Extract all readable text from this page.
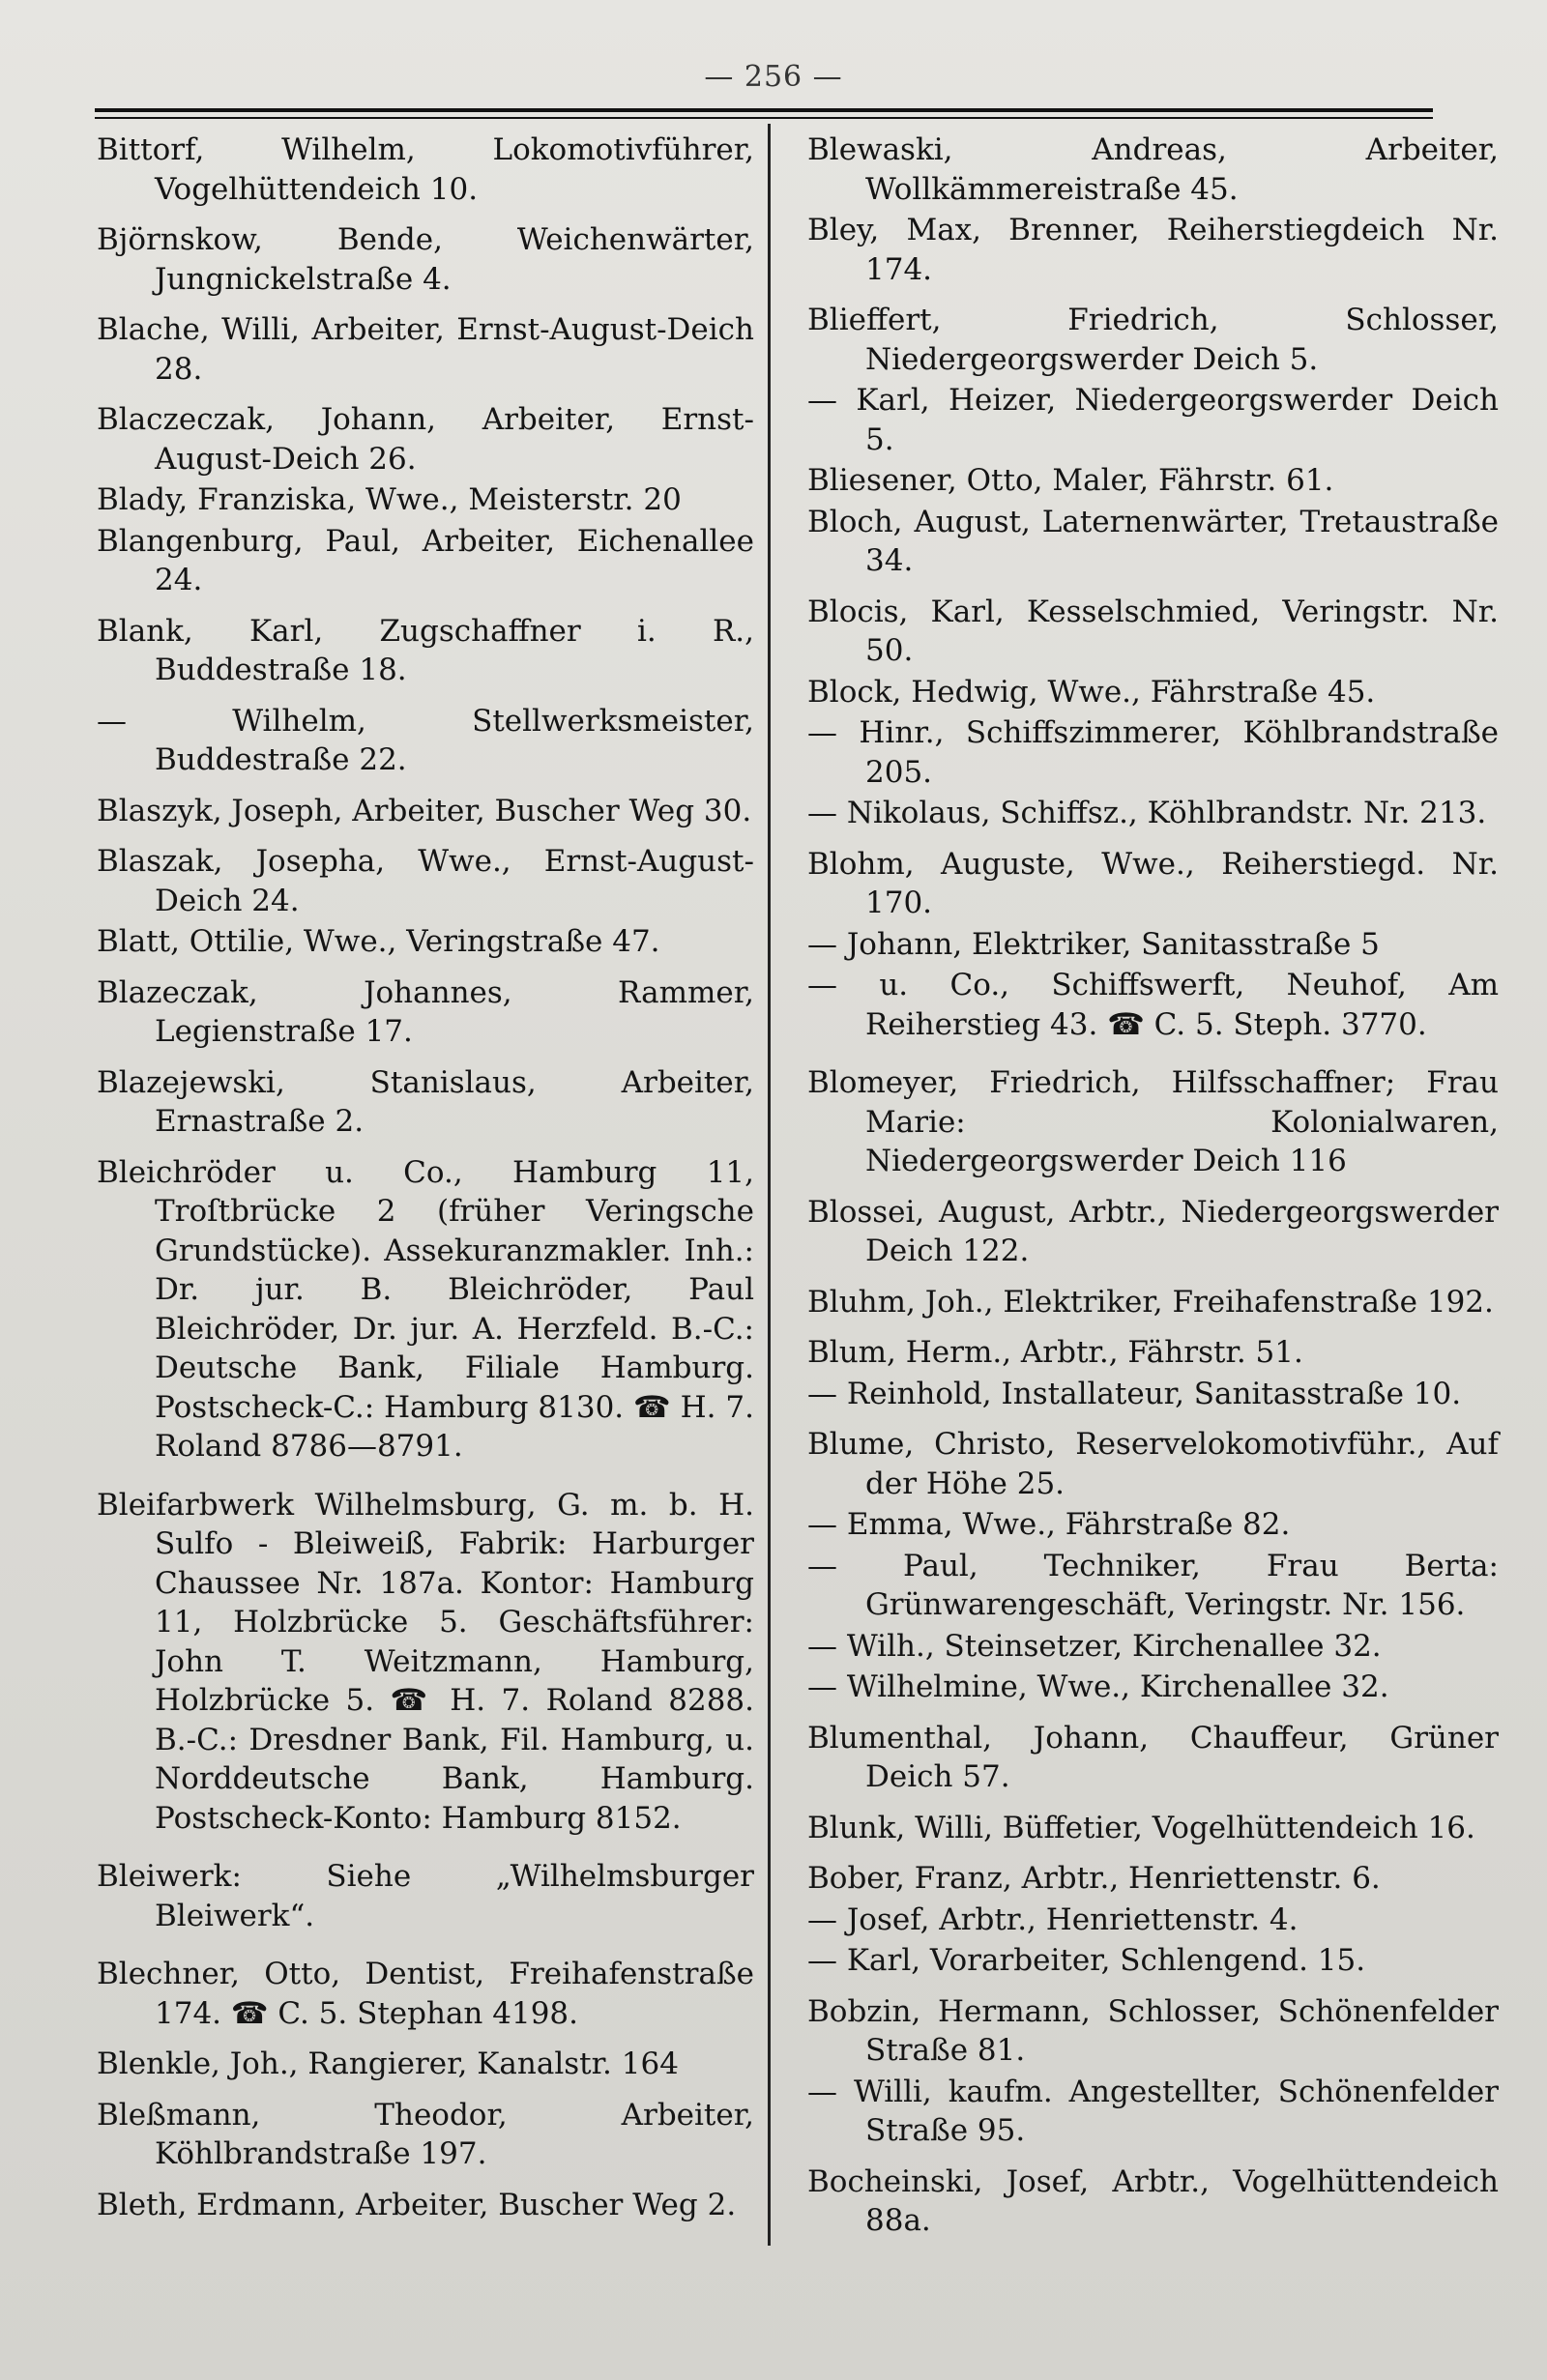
— 256 —

Bittorf, Wilhelm, Lokomotivführer, Vogelhüttendeich 10.

Björnskow, Bende, Weichenwärter, Jungnickelstraße 4.

Blache, Willi, Arbeiter, Ernst-August-Deich 28.

Blaczeczak, Johann, Arbeiter, Ernst-August-Deich 26.

Blady, Franziska, Wwe., Meisterstr. 20

Blangenburg, Paul, Arbeiter, Eichenallee 24.

Blank, Karl, Zugschaffner i. R., Buddestraße 18.

— Wilhelm, Stellwerksmeister, Buddestraße 22.

Blaszyk, Joseph, Arbeiter, Buscher Weg 30.

Blaszak, Josepha, Wwe., Ernst-August-Deich 24.

Blatt, Ottilie, Wwe., Veringstraße 47.

Blazeczak, Johannes, Rammer, Legienstraße 17.

Blazejewski, Stanislaus, Arbeiter, Ernastraße 2.

Bleichröder u. Co., Hamburg 11, Troſtbrücke 2 (früher Veringsche Grundstücke). Assekuranzmakler. Inh.: Dr. jur. B. Bleichröder, Paul Bleichröder, Dr. jur. A. Herzfeld. B.-C.: Deutsche Bank, Filiale Hamburg. Postscheck-C.: Hamburg 8130. ☎ H. 7. Roland 8786—8791.

Bleifarbwerk Wilhelmsburg, G. m. b. H. Sulfo - Bleiweiß, Fabrik: Harburger Chaussee Nr. 187a. Kontor: Hamburg 11, Holzbrücke 5. Geschäftsführer: John T. Weitzmann, Hamburg, Holzbrücke 5. ☎ H. 7. Roland 8288. B.-C.: Dresdner Bank, Fil. Hamburg, u. Norddeutsche Bank, Hamburg. Postscheck-Konto: Hamburg 8152.

Bleiwerk: Siehe „Wilhelmsburger Bleiwerk“.

Blechner, Otto, Dentist, Freihafenstraße 174. ☎ C. 5. Stephan 4198.

Blenkle, Joh., Rangierer, Kanalstr. 164

Bleßmann, Theodor, Arbeiter, Köhlbrandstraße 197.

Bleth, Erdmann, Arbeiter, Buscher Weg 2.

Blewaski, Andreas, Arbeiter, Wollkämmereistraße 45.

Bley, Max, Brenner, Reiherstiegdeich Nr. 174.

Blieffert, Friedrich, Schlosser, Niedergeorgswerder Deich 5.

— Karl, Heizer, Niedergeorgswerder Deich 5.

Bliesener, Otto, Maler, Fährstr. 61.

Bloch, August, Laternenwärter, Tretaustraße 34.

Blocis, Karl, Kesselschmied, Veringstr. Nr. 50.

Block, Hedwig, Wwe., Fährstraße 45.

— Hinr., Schiffszimmerer, Köhlbrandstraße 205.

— Nikolaus, Schiffsz., Köhlbrandstr. Nr. 213.

Blohm, Auguste, Wwe., Reiherstiegd. Nr. 170.

— Johann, Elektriker, Sanitasstraße 5

— u. Co., Schiffswerft, Neuhof, Am Reiherstieg 43. ☎ C. 5. Steph. 3770.

Blomeyer, Friedrich, Hilfsschaffner; Frau Marie: Kolonialwaren, Niedergeorgswerder Deich 116

Blossei, August, Arbtr., Niedergeorgswerder Deich 122.

Bluhm, Joh., Elektriker, Freihafenstraße 192.

Blum, Herm., Arbtr., Fährstr. 51.

— Reinhold, Installateur, Sanitasstraße 10.

Blume, Christo, Reservelokomotivführ., Auf der Höhe 25.

— Emma, Wwe., Fährstraße 82.

— Paul, Techniker, Frau Berta: Grünwarengeschäft, Veringstr. Nr. 156.

— Wilh., Steinsetzer, Kirchenallee 32.

— Wilhelmine, Wwe., Kirchenallee 32.

Blumenthal, Johann, Chauffeur, Grüner Deich 57.

Blunk, Willi, Büffetier, Vogelhüttendeich 16.

Bober, Franz, Arbtr., Henriettenstr. 6.

— Josef, Arbtr., Henriettenstr. 4.

— Karl, Vorarbeiter, Schlengend. 15.

Bobzin, Hermann, Schlosser, Schönenfelder Straße 81.

— Willi, kaufm. Angestellter, Schönenfelder Straße 95.

Bocheinski, Josef, Arbtr., Vogelhüttendeich 88a.
